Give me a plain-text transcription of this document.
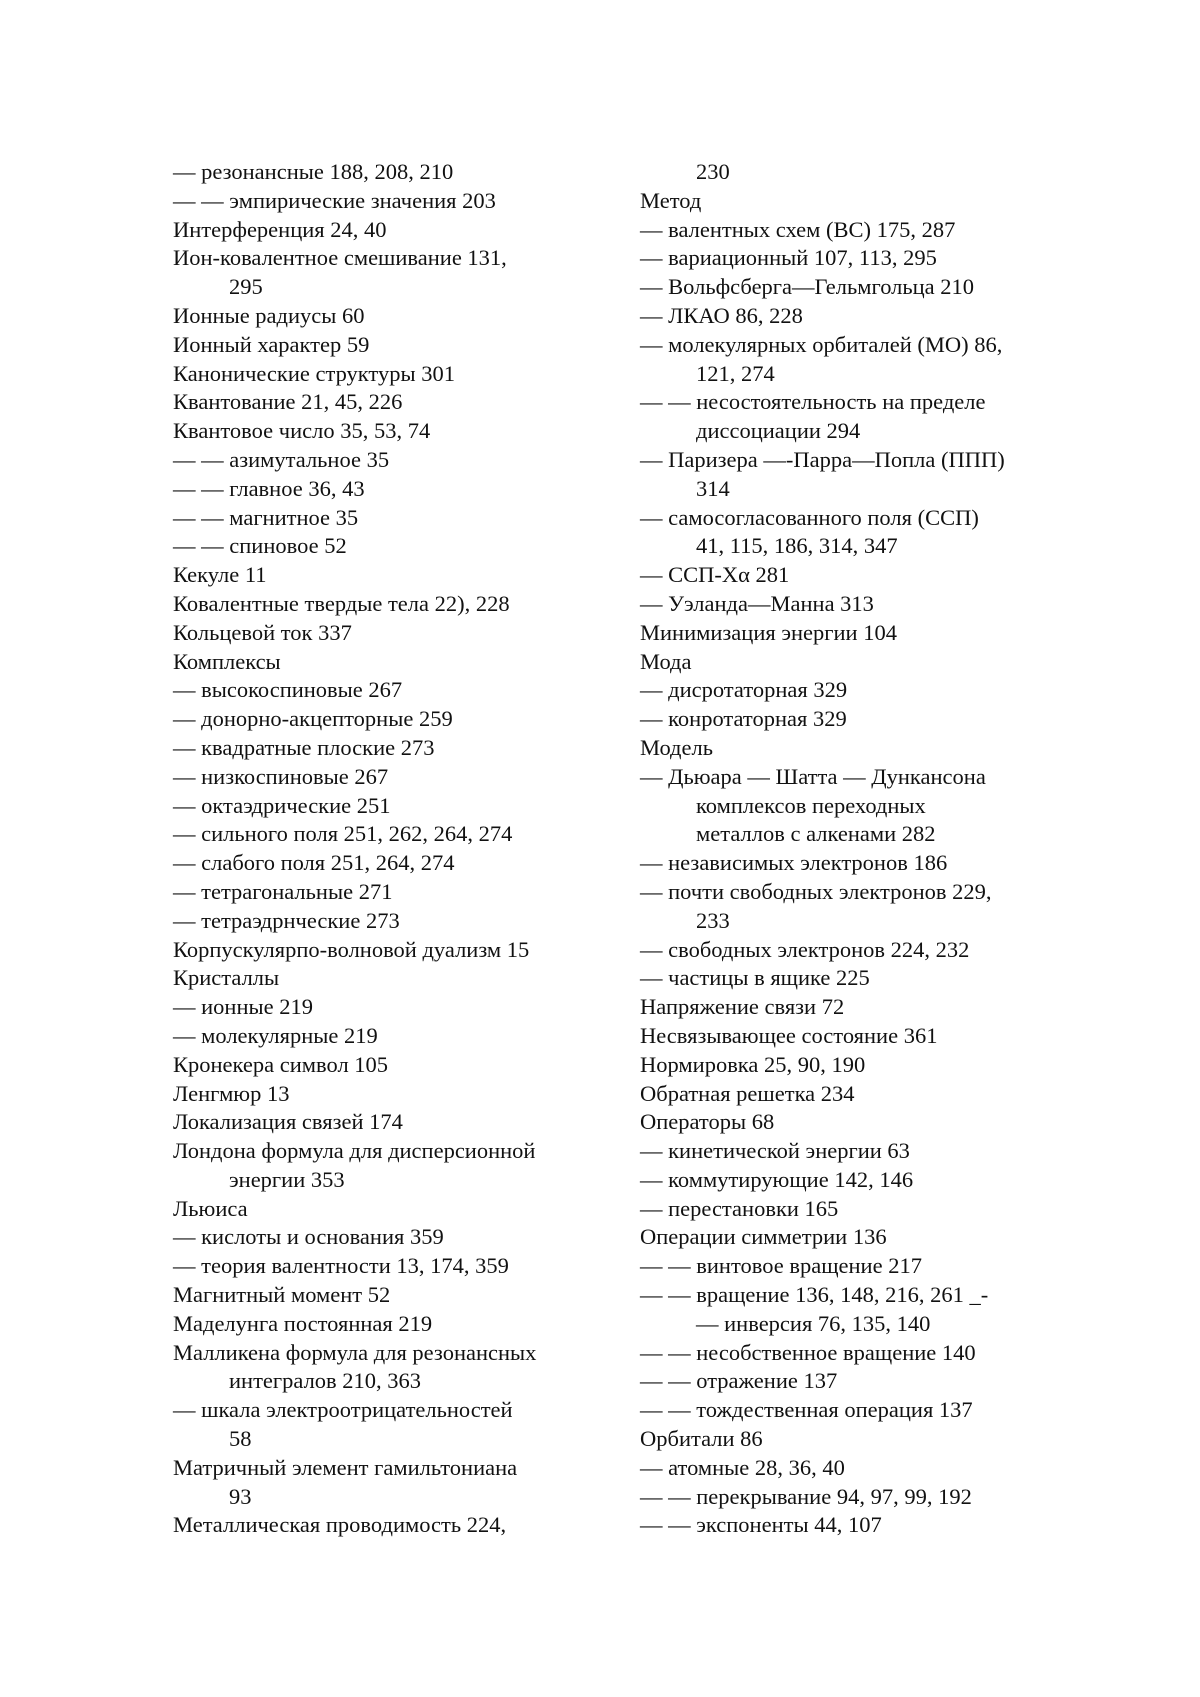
— резонансные 188, 208, 210
— — эмпирические значения 203
Интерференция 24, 40
Ион-ковалентное смешивание 131,
295
Ионные радиусы 60
Ионный характер 59
Канонические структуры 301
Квантование 21, 45, 226
Квантовое число 35, 53, 74
— — азимутальное 35
— — главное 36, 43
— — магнитное 35
— — спиновое 52
Кекуле 11
Ковалентные твердые тела 22), 228
Кольцевой ток 337
Комплексы
— высокоспиновые 267
— донорно-акцепторные 259
— квадратные плоские 273
— низкоспиновые 267
— октаэдрические 251
— сильного поля 251, 262, 264, 274
— слабого поля 251, 264, 274
— тетрагональные 271
— тетраэдрнческие 273
Корпускулярпо-волновой дуализм 15
Кристаллы
— ионные 219
— молекулярные 219
Кронекера символ 105
Ленгмюр 13
Локализация связей 174
Лондона формула для дисперсионной
энергии 353
Льюиса
— кислоты и основания 359
— теория валентности 13, 174, 359
Магнитный момент 52
Маделунга постоянная 219
Малликена формула для резонансных
интегралов 210, 363
— шкала электроотрицательностей
58
Матричный элемент гамильтониана
93
Металлическая проводимость 224,
230
Метод
— валентных схем (ВС) 175, 287
— вариационный 107, 113, 295
— Вольфсберга—Гельмгольца 210
— ЛКАО 86, 228
— молекулярных орбиталей (МО) 86,
121, 274
— — несостоятельность на пределе
диссоциации 294
— Паризера —-Парра—Попла (ППП)
314
— самосогласованного поля (ССП)
41, 115, 186, 314, 347
— ССП-Xα 281
— Уэланда—Манна 313
Минимизация энергии 104
Мода
— дисротаторная 329
— конротаторная 329
Модель
— Дьюара — Шатта — Дункансона
комплексов переходных
металлов с алкенами 282
— независимых электронов 186
— почти свободных электронов 229,
233
— свободных электронов 224, 232
— частицы в ящике 225
Напряжение связи 72
Несвязывающее состояние 361
Нормировка 25, 90, 190
Обратная решетка 234
Операторы 68
— кинетической энергии 63
— коммутирующие 142, 146
— перестановки 165
Операции симметрии 136
— — винтовое вращение 217
— — вращение 136, 148, 216, 261 _-
— инверсия 76, 135, 140
— — несобственное вращение 140
— — отражение 137
— — тождественная операция 137
Орбитали 86
— атомные 28, 36, 40
— — перекрывание 94, 97, 99, 192
— — экспоненты 44, 107
